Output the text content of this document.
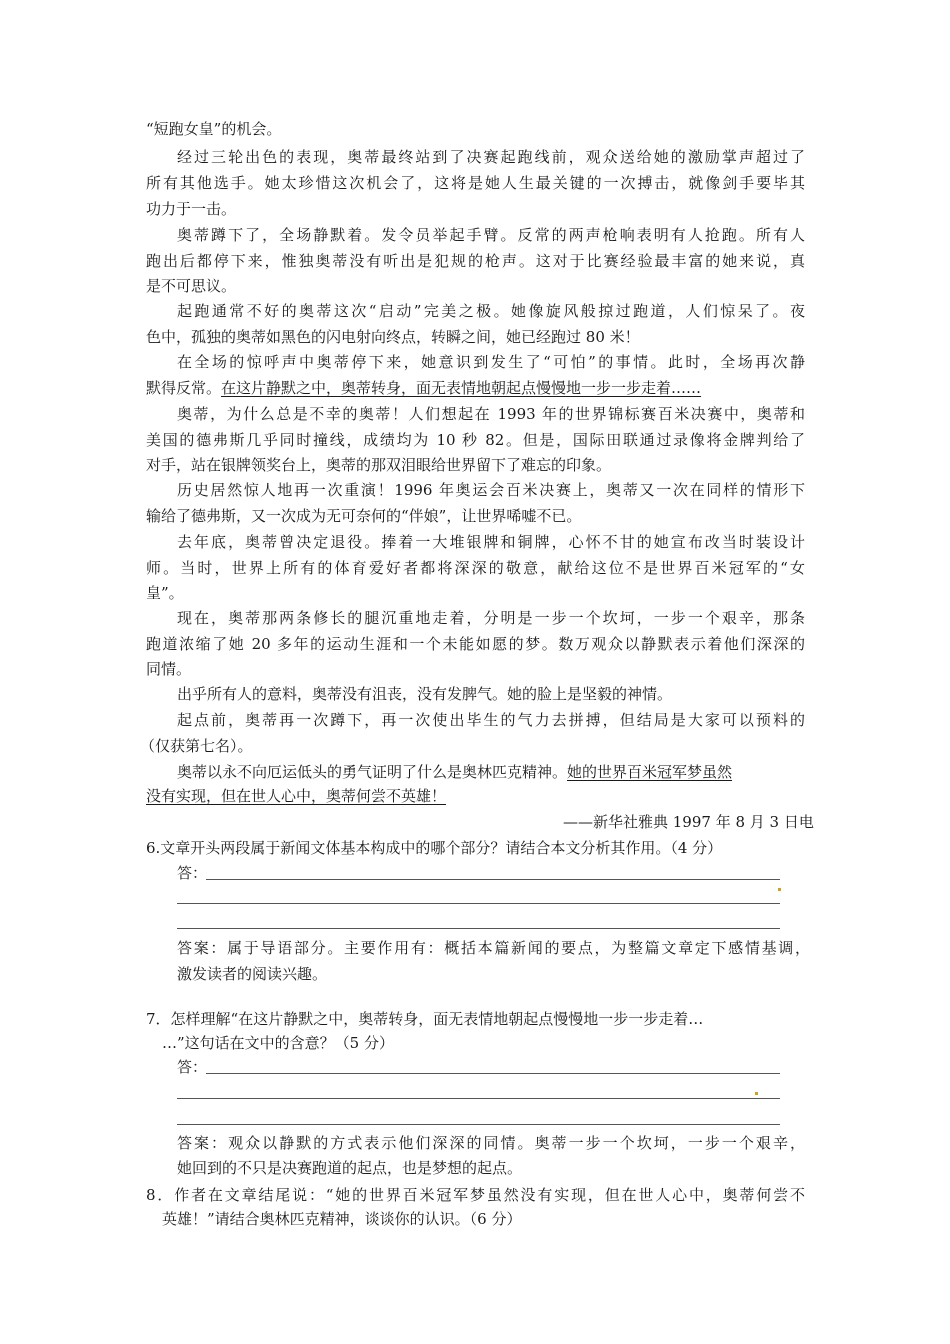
“短跑女皇”的机会。
经过三轮出色的表现，奥蒂最终站到了决赛起跑线前，观众送给她的激励掌声超过了
所有其他选手。她太珍惜这次机会了，这将是她人生最关键的一次搏击，就像剑手要毕其
功力于一击。
奥蒂蹲下了，全场静默着。发令员举起手臂。反常的两声枪响表明有人抢跑。所有人
跑出后都停下来，惟独奥蒂没有听出是犯规的枪声。这对于比赛经验最丰富的她来说，真
是不可思议。
起跑通常不好的奥蒂这次“启动”完美之极。她像旋风般掠过跑道，人们惊呆了。夜
色中，孤独的奥蒂如黑色的闪电射向终点，转瞬之间，她已经跑过 80 米！
在全场的惊呼声中奥蒂停下来，她意识到发生了“可怕”的事情。此时，全场再次静
默得反常。在这片静默之中，奥蒂转身，面无表情地朝起点慢慢地一步一步走着……
奥蒂，为什么总是不幸的奥蒂！人们想起在 1993 年的世界锦标赛百米决赛中，奥蒂和
美国的德弗斯几乎同时撞线，成绩均为 10 秒 82。但是，国际田联通过录像将金牌判给了
对手，站在银牌领奖台上，奥蒂的那双泪眼给世界留下了难忘的印象。
历史居然惊人地再一次重演！1996 年奥运会百米决赛上，奥蒂又一次在同样的情形下
输给了德弗斯，又一次成为无可奈何的“伴娘”，让世界唏嘘不已。
去年底，奥蒂曾决定退役。捧着一大堆银牌和铜牌，心怀不甘的她宣布改当时装设计
师。当时，世界上所有的体育爱好者都将深深的敬意，献给这位不是世界百米冠军的“女
皇”。
现在，奥蒂那两条修长的腿沉重地走着，分明是一步一个坎坷，一步一个艰辛，那条
跑道浓缩了她 20 多年的运动生涯和一个未能如愿的梦。数万观众以静默表示着他们深深的
同情。
出乎所有人的意料，奥蒂没有沮丧，没有发脾气。她的脸上是坚毅的神情。
起点前，奥蒂再一次蹲下，再一次使出毕生的气力去拼搏，但结局是大家可以预料的
（仅获第七名）。
奥蒂以永不向厄运低头的勇气证明了什么是奥林匹克精神。她的世界百米冠军梦虽然
没有实现，但在世人心中，奥蒂何尝不英雄！
——新华社雅典 1997 年 8 月 3 日电
6.文章开头两段属于新闻文体基本构成中的哪个部分？请结合本文分析其作用。（4 分）
答：
答案：属于导语部分。主要作用有：概括本篇新闻的要点，为整篇文章定下感情基调，
激发读者的阅读兴趣。
7．怎样理解“在这片静默之中，奥蒂转身，面无表情地朝起点慢慢地一步一步走着…
…”这句话在文中的含意？（5 分）
答：
答案：观众以静默的方式表示他们深深的同情。奥蒂一步一个坎坷，一步一个艰辛，
她回到的不只是决赛跑道的起点，也是梦想的起点。
8．作者在文章结尾说：“她的世界百米冠军梦虽然没有实现，但在世人心中，奥蒂何尝不
英雄！”请结合奥林匹克精神，谈谈你的认识。（6 分）
